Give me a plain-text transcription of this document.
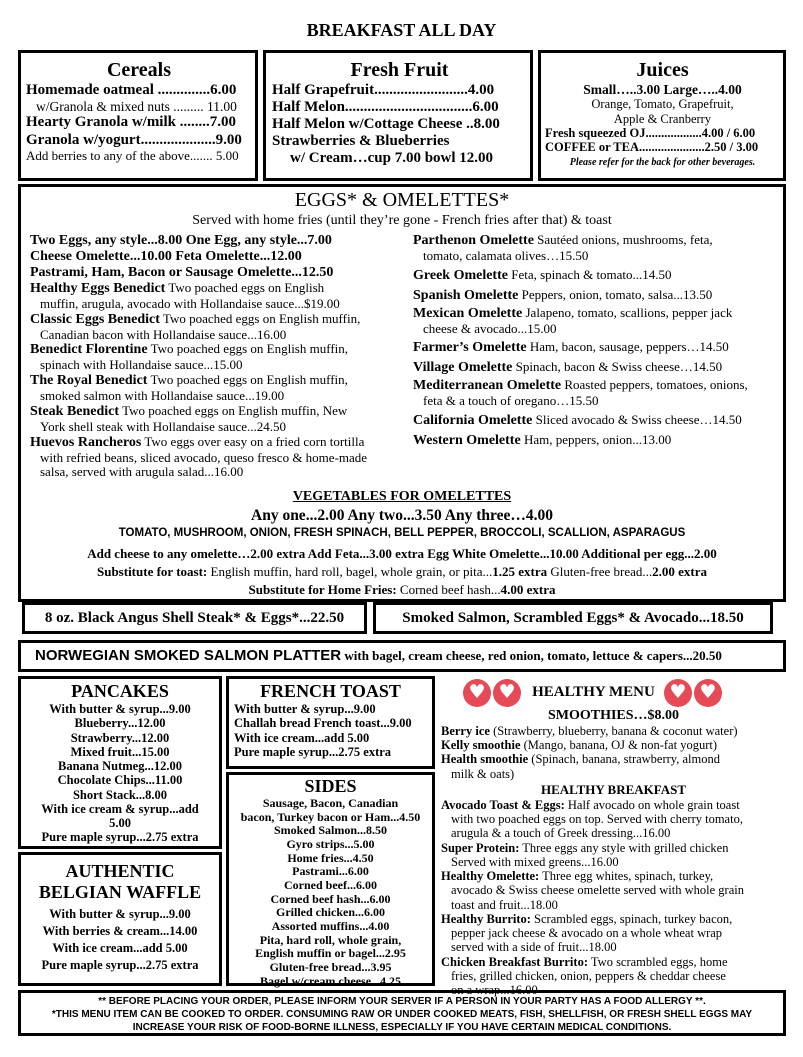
BREAKFAST ALL DAY
Cereals
Homemade oatmeal ..............6.00
w/Granola & mixed nuts ......... 11.00
Hearty Granola w/milk ........7.00
Granola w/yogurt....................9.00
Add berries to any of the above....... 5.00
Fresh Fruit
Half Grapefruit.........................4.00
Half Melon..................................6.00
Half Melon w/Cottage Cheese ..8.00
Strawberries & Blueberries
w/ Cream…cup 7.00 bowl 12.00
Juices
Small…..3.00 Large…..4.00
Orange, Tomato, Grapefruit,
Apple & Cranberry
Fresh squeezed OJ..................4.00 / 6.00
COFFEE or TEA.....................2.50 / 3.00
Please refer for the back for other beverages.
EGGS* & OMELETTES*
Served with home fries (until they’re gone - French fries after that) & toast
Two Eggs, any style...8.00 One Egg, any style...7.00
Cheese Omelette...10.00 Feta Omelette...12.00
Pastrami, Ham, Bacon or Sausage Omelette...12.50
Healthy Eggs Benedict Two poached eggs on English
muffin, arugula, avocado with Hollandaise sauce...$19.00
Classic Eggs Benedict Two poached eggs on English muffin,
Canadian bacon with Hollandaise sauce...16.00
Benedict Florentine Two poached eggs on English muffin,
spinach with Hollandaise sauce...15.00
The Royal Benedict Two poached eggs on English muffin,
smoked salmon with Hollandaise sauce...19.00
Steak Benedict Two poached eggs on English muffin, New
York shell steak with Hollandaise sauce...24.50
Huevos Rancheros Two eggs over easy on a fried corn tortilla
with refried beans, sliced avocado, queso fresco & home-made
salsa, served with arugula salad...16.00
Parthenon Omelette Sautéed onions, mushrooms, feta,
tomato, calamata olives…15.50
Greek Omelette Feta, spinach & tomato...14.50
Spanish Omelette Peppers, onion, tomato, salsa...13.50
Mexican Omelette Jalapeno, tomato, scallions, pepper jack
cheese & avocado...15.00
Farmer’s Omelette Ham, bacon, sausage, peppers…14.50
Village Omelette Spinach, bacon & Swiss cheese…14.50
Mediterranean Omelette Roasted peppers, tomatoes, onions,
feta & a touch of oregano…15.50
California Omelette Sliced avocado & Swiss cheese…14.50
Western Omelette Ham, peppers, onion...13.00
VEGETABLES FOR OMELETTES
Any one...2.00 Any two...3.50 Any three…4.00
TOMATO, MUSHROOM, ONION, FRESH SPINACH, BELL PEPPER, BROCCOLI, SCALLION, ASPARAGUS
Add cheese to any omelette…2.00 extra Add Feta...3.00 extra Egg White Omelette...10.00 Additional per egg...2.00
Substitute for toast: English muffin, hard roll, bagel, whole grain, or pita...1.25 extra Gluten-free bread...2.00 extra
Substitute for Home Fries: Corned beef hash...4.00 extra
8 oz. Black Angus Shell Steak* & Eggs*...22.50	Smoked Salmon, Scrambled Eggs* & Avocado...18.50
NORWEGIAN SMOKED SALMON PLATTER with bagel, cream cheese, red onion, tomato, lettuce & capers...20.50
PANCAKES
With butter & syrup...9.00
Blueberry...12.00
Strawberry...12.00
Mixed fruit...15.00
Banana Nutmeg...12.00
Chocolate Chips...11.00
Short Stack...8.00
With ice cream & syrup...add
5.00
Pure maple syrup...2.75 extra
AUTHENTIC
BELGIAN WAFFLE
With butter & syrup...9.00
With berries & cream...14.00
With ice cream...add 5.00
Pure maple syrup...2.75 extra
FRENCH TOAST
With butter & syrup...9.00
Challah bread French toast...9.00
With ice cream...add 5.00
Pure maple syrup...2.75 extra
SIDES
Sausage, Bacon, Canadian
bacon, Turkey bacon or Ham...4.50
Smoked Salmon...8.50
Gyro strips...5.00
Home fries...4.50
Pastrami...6.00
Corned beef...6.00
Corned beef hash...6.00
Grilled chicken...6.00
Assorted muffins...4.00
Pita, hard roll, whole grain,
English muffin or bagel...2.95
Gluten-free bread...3.95
Bagel w/cream cheese...4.25
♥♥ HEALTHY MENU ♥♥
SMOOTHIES…$8.00
Berry ice (Strawberry, blueberry, banana & coconut water)
Kelly smoothie (Mango, banana, OJ & non-fat yogurt)
Health smoothie (Spinach, banana, strawberry, almond
milk & oats)
HEALTHY BREAKFAST
Avocado Toast & Eggs: Half avocado on whole grain toast
with two poached eggs on top. Served with cherry tomato,
arugula & a touch of Greek dressing...16.00
Super Protein: Three eggs any style with grilled chicken
Served with mixed greens...16.00
Healthy Omelette: Three egg whites, spinach, turkey,
avocado & Swiss cheese omelette served with whole grain
toast and fruit...18.00
Healthy Burrito: Scrambled eggs, spinach, turkey bacon,
pepper jack cheese & avocado on a whole wheat wrap
served with a side of fruit...18.00
Chicken Breakfast Burrito: Two scrambled eggs, home
fries, grilled chicken, onion, peppers & cheddar cheese
on a wrap...16.00
** BEFORE PLACING YOUR ORDER, PLEASE INFORM YOUR SERVER IF A PERSON IN YOUR PARTY HAS A FOOD ALLERGY **.
*THIS MENU ITEM CAN BE COOKED TO ORDER. CONSUMING RAW OR UNDER COOKED MEATS, FISH, SHELLFISH, OR FRESH SHELL EGGS MAY
INCREASE YOUR RISK OF FOOD-BORNE ILLNESS, ESPECIALLY IF YOU HAVE CERTAIN MEDICAL CONDITIONS.
